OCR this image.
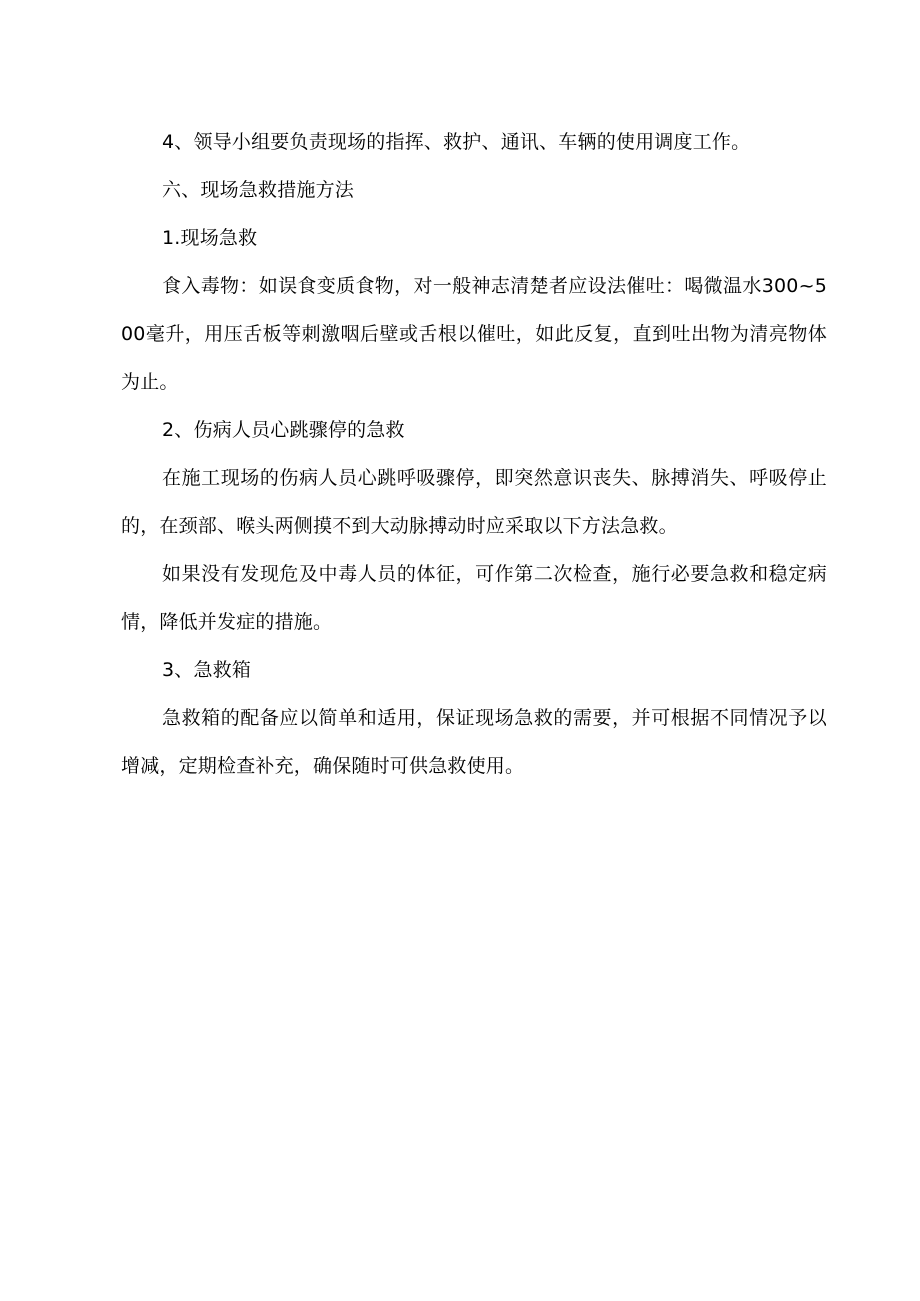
4、领导小组要负责现场的指挥、救护、通讯、车辆的使用调度工作。

六、现场急救措施方法

1.现场急救

食入毒物：如误食变质食物，对一般神志清楚者应设法催吐：喝微温水300~500毫升，用压舌板等刺激咽后壁或舌根以催吐，如此反复，直到吐出物为清亮物体为止。

2、伤病人员心跳骤停的急救

在施工现场的伤病人员心跳呼吸骤停，即突然意识丧失、脉搏消失、呼吸停止的，在颈部、喉头两侧摸不到大动脉搏动时应采取以下方法急救。

如果没有发现危及中毒人员的体征，可作第二次检查，施行必要急救和稳定病情，降低并发症的措施。

3、急救箱

急救箱的配备应以简单和适用，保证现场急救的需要，并可根据不同情况予以增减，定期检查补充，确保随时可供急救使用。
